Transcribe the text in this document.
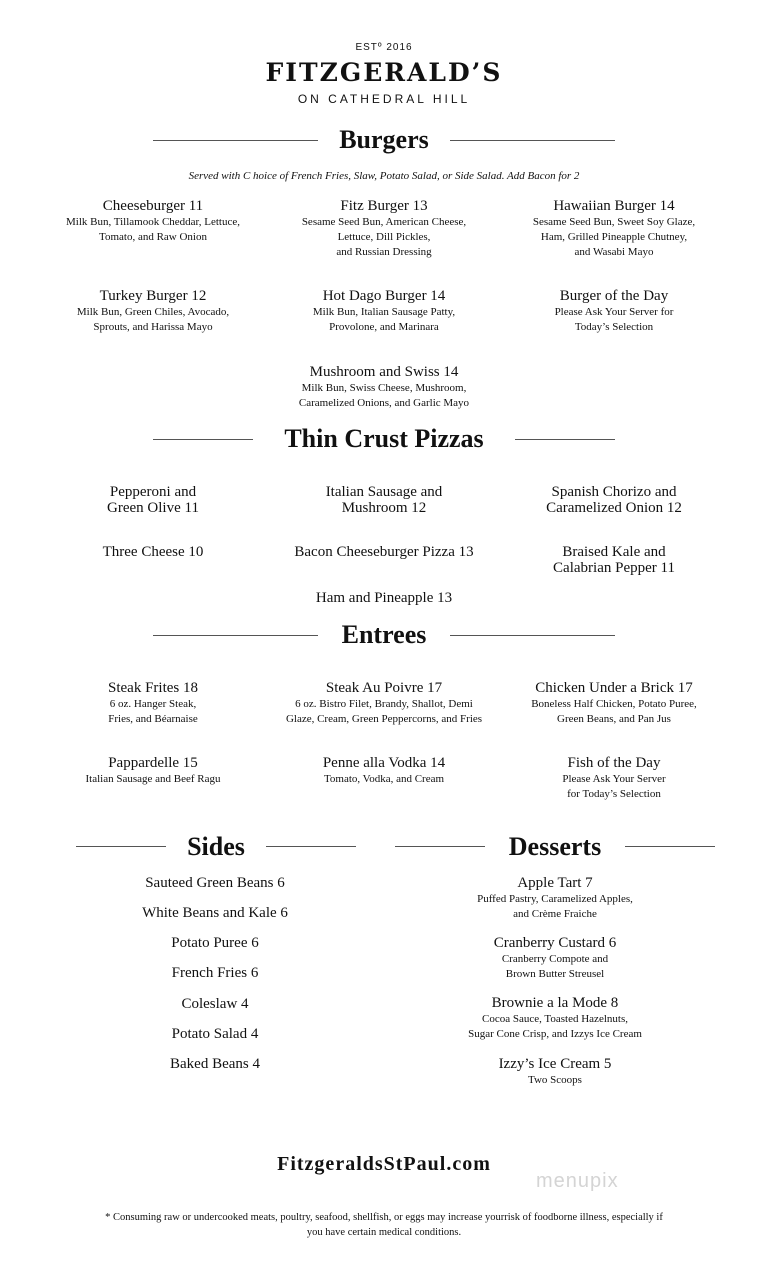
ESTº 2016
FITZGERALD’S
ON CATHEDRAL HILL
Burgers
Served with C hoice of French Fries, Slaw, Potato Salad, or Side Salad. Add Bacon for 2
Cheeseburger 11
Milk Bun, Tillamook Cheddar, Lettuce,
Tomato, and Raw Onion
Fitz Burger 13
Sesame Seed Bun, American Cheese,
Lettuce, Dill Pickles,
and Russian Dressing
Hawaiian Burger 14
Sesame Seed Bun, Sweet Soy Glaze,
Ham, Grilled Pineapple Chutney,
and Wasabi Mayo
Turkey Burger 12
Milk Bun, Green Chiles, Avocado,
Sprouts, and Harissa Mayo
Hot Dago Burger 14
Milk Bun, Italian Sausage Patty,
Provolone, and Marinara
Burger of the Day
Please Ask Your Server for
Today’s Selection
Mushroom and Swiss 14
Milk Bun, Swiss Cheese, Mushroom,
Caramelized Onions, and Garlic Mayo
Thin Crust Pizzas
Pepperoni and
Green Olive 11
Italian Sausage and
Mushroom 12
Spanish Chorizo and
Caramelized Onion 12
Three Cheese 10	Bacon Cheeseburger Pizza 13	Braised Kale and
Calabrian Pepper 11
Ham and Pineapple 13
Entrees
Steak Frites 18
6 oz. Hanger Steak,
Fries, and Béarnaise
Steak Au Poivre 17
6 oz. Bistro Filet, Brandy, Shallot, Demi
Glaze, Cream, Green Peppercorns, and Fries
Chicken Under a Brick 17
Boneless Half Chicken, Potato Puree,
Green Beans, and Pan Jus
Pappardelle 15
Italian Sausage and Beef Ragu
Penne alla Vodka 14
Tomato, Vodka, and Cream
Fish of the Day
Please Ask Your Server
for Today’s Selection
Sides
Sauteed Green Beans 6
White Beans and Kale 6
Potato Puree 6
French Fries 6
Coleslaw 4
Potato Salad 4
Baked Beans 4
Desserts
Apple Tart 7
Puffed Pastry, Caramelized Apples,
and Crème Fraiche
Cranberry Custard 6
Cranberry Compote and
Brown Butter Streusel
Brownie a la Mode 8
Cocoa Sauce, Toasted Hazelnuts,
Sugar Cone Crisp, and Izzys Ice Cream
Izzy’s Ice Cream 5
Two Scoops
FitzgeraldsStPaul.com
menupix
* Consuming raw or undercooked meats, poultry, seafood, shellfish, or eggs may increase yourrisk of foodborne illness, especially if
you have certain medical conditions.
